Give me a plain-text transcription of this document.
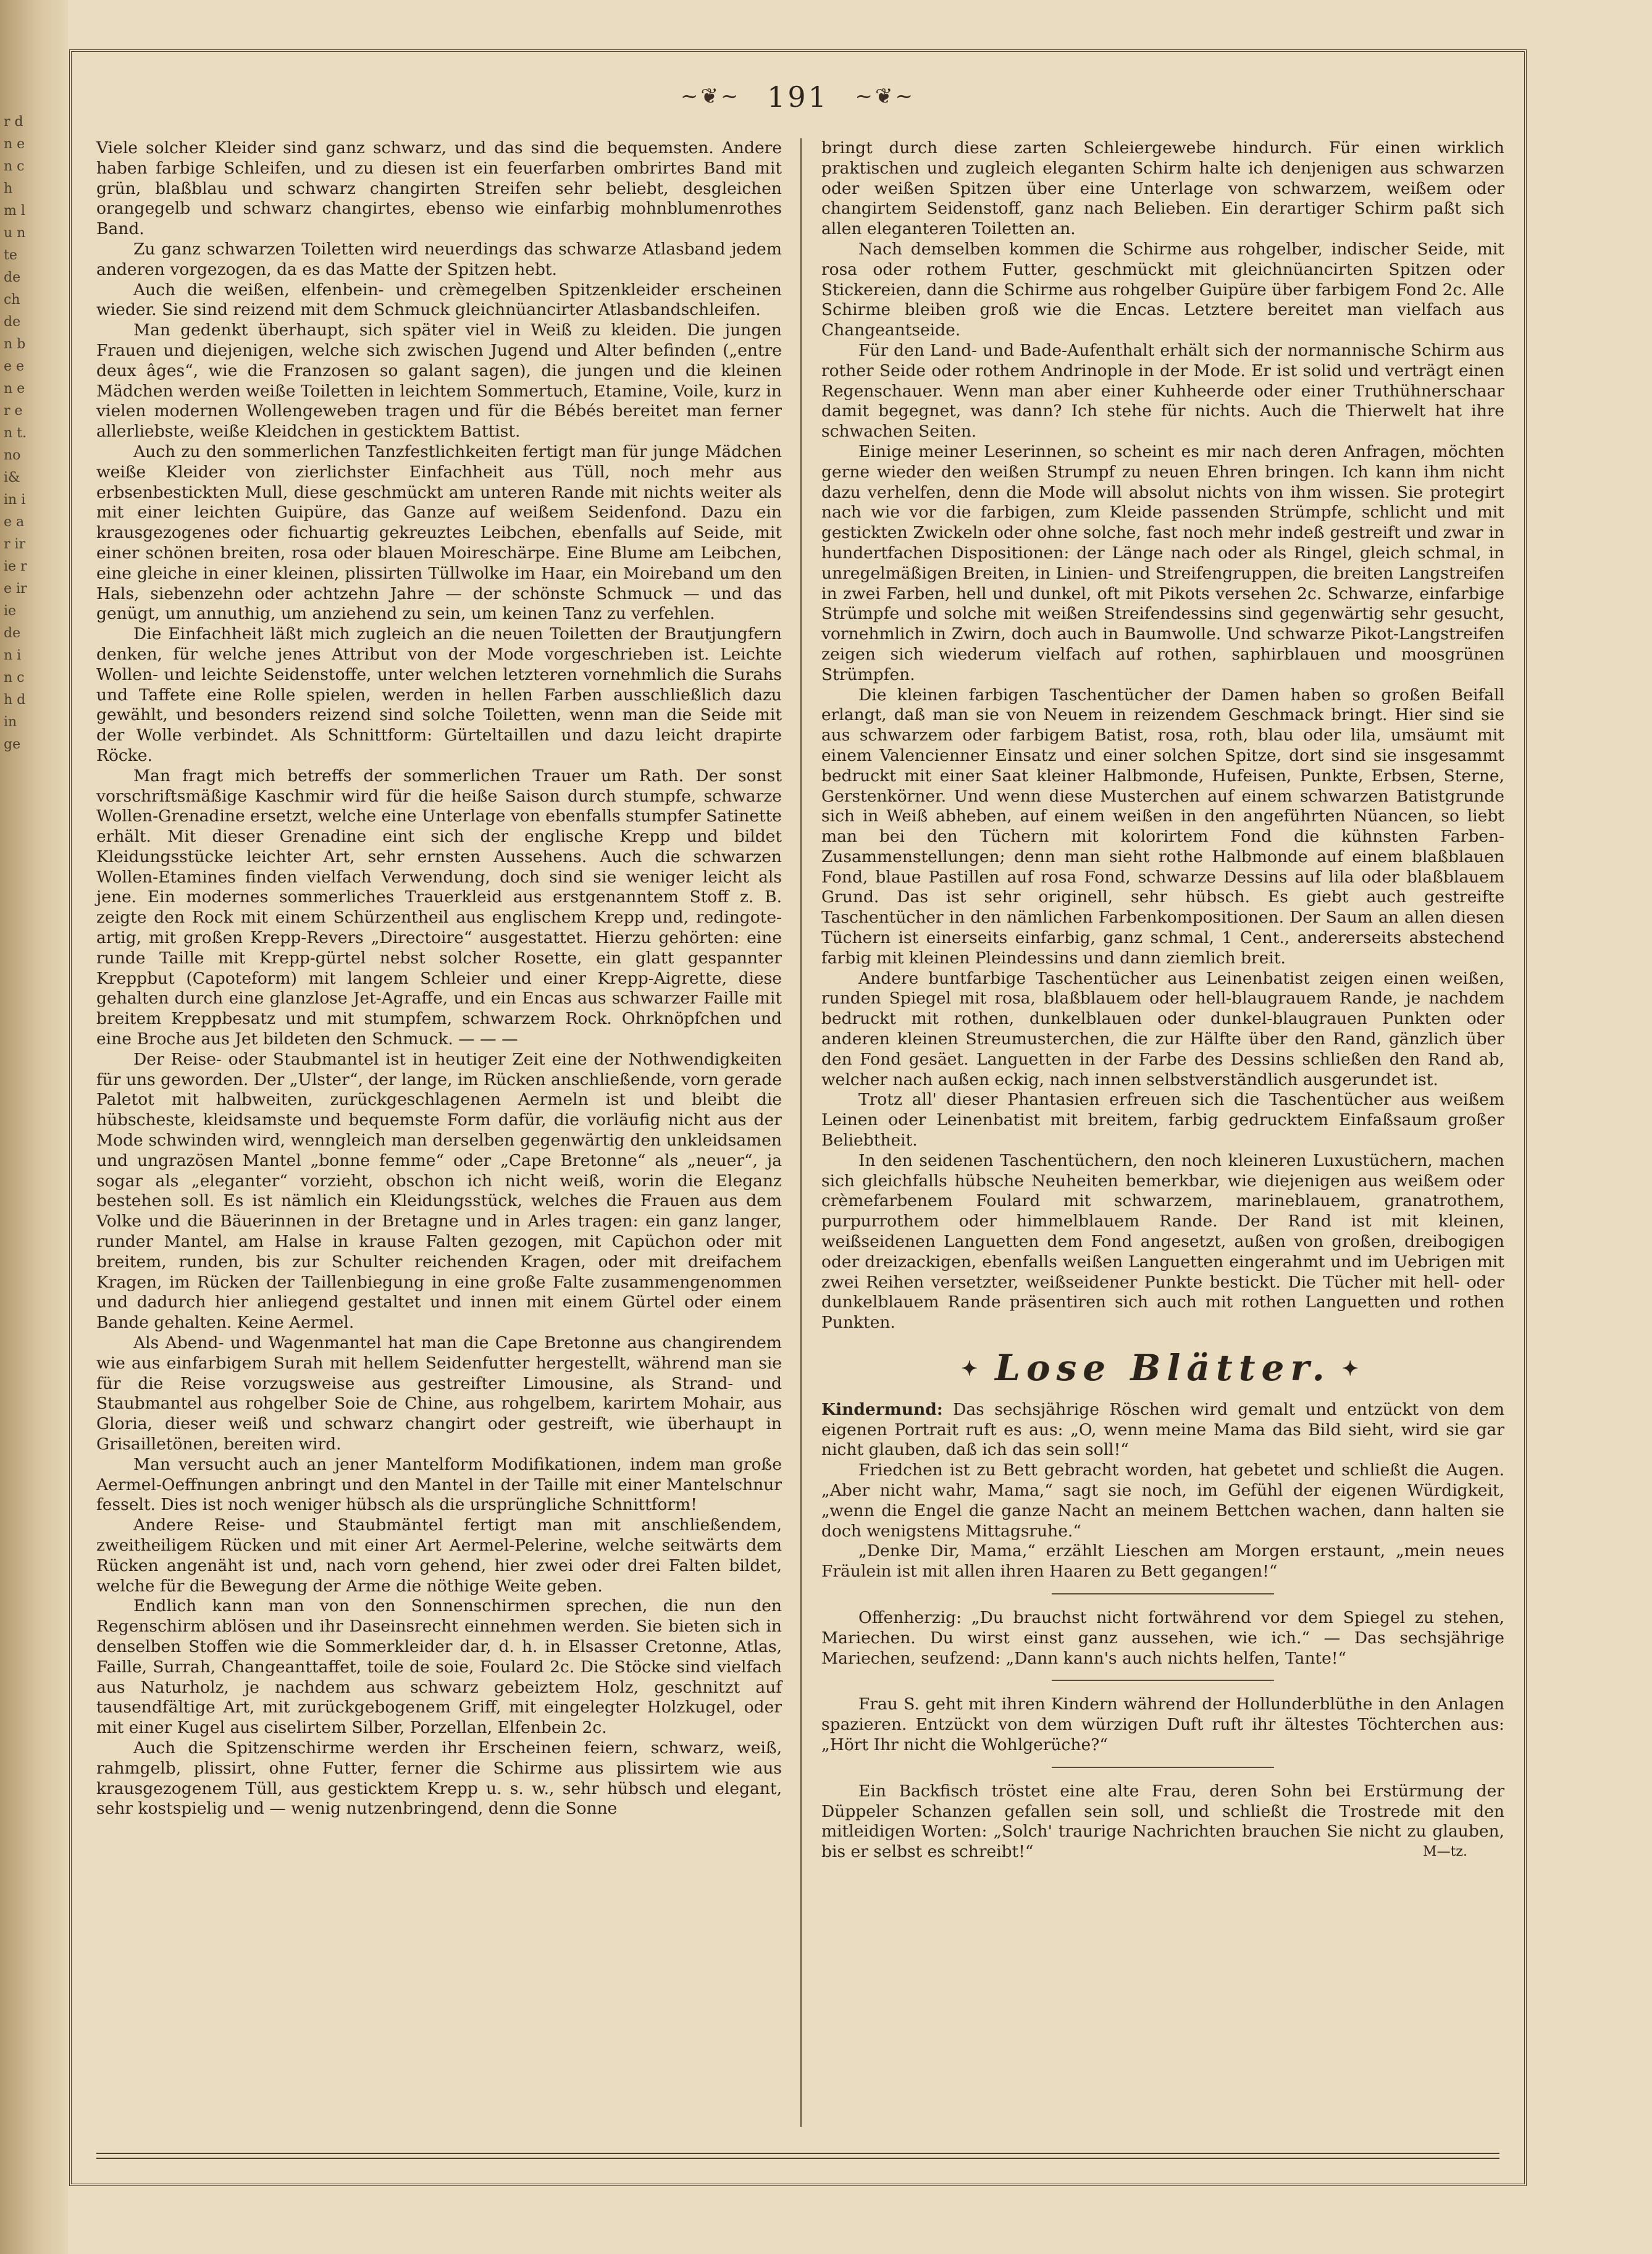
r d n e n ch m lu n te de ch de n be en er en t. no i& in ie ar ir ie re ir ie de n in ch d in ge
~❦~ 191 ~❦~

Viele solcher Kleider sind ganz schwarz, und das sind die bequemsten. Andere haben farbige Schleifen, und zu diesen ist ein feuerfarben ombrirtes Band mit grün, blaßblau und schwarz changirten Streifen sehr beliebt, desgleichen orangegelb und schwarz changirtes, ebenso wie einfarbig mohnblumenrothes Band.

Zu ganz schwarzen Toiletten wird neuerdings das schwarze Atlasband jedem anderen vorgezogen, da es das Matte der Spitzen hebt.

Auch die weißen, elfenbein- und crèmegelben Spitzenkleider erscheinen wieder. Sie sind reizend mit dem Schmuck gleichnüancirter Atlasbandschleifen.

Man gedenkt überhaupt, sich später viel in Weiß zu kleiden. Die jungen Frauen und diejenigen, welche sich zwischen Jugend und Alter befinden („entre deux âges“, wie die Franzosen so galant sagen), die jungen und die kleinen Mädchen werden weiße Toiletten in leichtem Sommertuch, Etamine, Voile, kurz in vielen modernen Wollengeweben tragen und für die Bébés bereitet man ferner allerliebste, weiße Kleidchen in gesticktem Battist.

Auch zu den sommerlichen Tanzfestlichkeiten fertigt man für junge Mädchen weiße Kleider von zierlichster Einfachheit aus Tüll, noch mehr aus erbsenbestickten Mull, diese geschmückt am unteren Rande mit nichts weiter als mit einer leichten Guipüre, das Ganze auf weißem Seidenfond. Dazu ein krausgezogenes oder fichuartig gekreuztes Leibchen, ebenfalls auf Seide, mit einer schönen breiten, rosa oder blauen Moireschärpe. Eine Blume am Leibchen, eine gleiche in einer kleinen, plissirten Tüllwolke im Haar, ein Moireband um den Hals, siebenzehn oder achtzehn Jahre — der schönste Schmuck — und das genügt, um annuthig, um anziehend zu sein, um keinen Tanz zu verfehlen.

Die Einfachheit läßt mich zugleich an die neuen Toiletten der Brautjungfern denken, für welche jenes Attribut von der Mode vorgeschrieben ist. Leichte Wollen- und leichte Seidenstoffe, unter welchen letzteren vornehmlich die Surahs und Taffete eine Rolle spielen, werden in hellen Farben ausschließlich dazu gewählt, und besonders reizend sind solche Toiletten, wenn man die Seide mit der Wolle verbindet. Als Schnittform: Gürteltaillen und dazu leicht drapirte Röcke.

Man fragt mich betreffs der sommerlichen Trauer um Rath. Der sonst vorschriftsmäßige Kaschmir wird für die heiße Saison durch stumpfe, schwarze Wollen-Grenadine ersetzt, welche eine Unterlage von ebenfalls stumpfer Satinette erhält. Mit dieser Grenadine eint sich der englische Krepp und bildet Kleidungsstücke leichter Art, sehr ernsten Aussehens. Auch die schwarzen Wollen-Etamines finden vielfach Verwendung, doch sind sie weniger leicht als jene. Ein modernes sommerliches Trauerkleid aus erstgenanntem Stoff z. B. zeigte den Rock mit einem Schürzentheil aus englischem Krepp und, redingote-artig, mit großen Krepp-Revers „Directoire“ ausgestattet. Hierzu gehörten: eine runde Taille mit Krepp-gürtel nebst solcher Rosette, ein glatt gespannter Kreppbut (Capoteform) mit langem Schleier und einer Krepp-Aigrette, diese gehalten durch eine glanzlose Jet-Agraffe, und ein Encas aus schwarzer Faille mit breitem Kreppbesatz und mit stumpfem, schwarzem Rock. Ohrknöpfchen und eine Broche aus Jet bildeten den Schmuck. — — —

Der Reise- oder Staubmantel ist in heutiger Zeit eine der Nothwendigkeiten für uns geworden. Der „Ulster“, der lange, im Rücken anschließende, vorn gerade Paletot mit halbweiten, zurückgeschlagenen Aermeln ist und bleibt die hübscheste, kleidsamste und bequemste Form dafür, die vorläufig nicht aus der Mode schwinden wird, wenngleich man derselben gegenwärtig den unkleidsamen und ungrazösen Mantel „bonne femme“ oder „Cape Bretonne“ als „neuer“, ja sogar als „eleganter“ vorzieht, obschon ich nicht weiß, worin die Eleganz bestehen soll. Es ist nämlich ein Kleidungsstück, welches die Frauen aus dem Volke und die Bäuerinnen in der Bretagne und in Arles tragen: ein ganz langer, runder Mantel, am Halse in krause Falten gezogen, mit Capüchon oder mit breitem, runden, bis zur Schulter reichenden Kragen, oder mit dreifachem Kragen, im Rücken der Taillenbiegung in eine große Falte zusammengenommen und dadurch hier anliegend gestaltet und innen mit einem Gürtel oder einem Bande gehalten. Keine Aermel.

Als Abend- und Wagenmantel hat man die Cape Bretonne aus changirendem wie aus einfarbigem Surah mit hellem Seidenfutter hergestellt, während man sie für die Reise vorzugsweise aus gestreifter Limousine, als Strand- und Staubmantel aus rohgelber Soie de Chine, aus rohgelbem, karirtem Mohair, aus Gloria, dieser weiß und schwarz changirt oder gestreift, wie überhaupt in Grisailletönen, bereiten wird.

Man versucht auch an jener Mantelform Modifikationen, indem man große Aermel-Oeffnungen anbringt und den Mantel in der Taille mit einer Mantelschnur fesselt. Dies ist noch weniger hübsch als die ursprüngliche Schnittform!

Andere Reise- und Staubmäntel fertigt man mit anschließendem, zweitheiligem Rücken und mit einer Art Aermel-Pelerine, welche seitwärts dem Rücken angenäht ist und, nach vorn gehend, hier zwei oder drei Falten bildet, welche für die Bewegung der Arme die nöthige Weite geben.

Endlich kann man von den Sonnenschirmen sprechen, die nun den Regenschirm ablösen und ihr Daseinsrecht einnehmen werden. Sie bieten sich in denselben Stoffen wie die Sommerkleider dar, d. h. in Elsasser Cretonne, Atlas, Faille, Surrah, Changeanttaffet, toile de soie, Foulard 2c. Die Stöcke sind vielfach aus Naturholz, je nachdem aus schwarz gebeiztem Holz, geschnitzt auf tausendfältige Art, mit zurückgebogenem Griff, mit eingelegter Holzkugel, oder mit einer Kugel aus ciselirtem Silber, Porzellan, Elfenbein 2c.

Auch die Spitzenschirme werden ihr Erscheinen feiern, schwarz, weiß, rahmgelb, plissirt, ohne Futter, ferner die Schirme aus plissirtem wie aus krausgezogenem Tüll, aus gesticktem Krepp u. s. w., sehr hübsch und elegant, sehr kostspielig und — wenig nutzenbringend, denn die Sonne

bringt durch diese zarten Schleiergewebe hindurch. Für einen wirklich praktischen und zugleich eleganten Schirm halte ich denjenigen aus schwarzen oder weißen Spitzen über eine Unterlage von schwarzem, weißem oder changirtem Seidenstoff, ganz nach Belieben. Ein derartiger Schirm paßt sich allen eleganteren Toiletten an.

Nach demselben kommen die Schirme aus rohgelber, indischer Seide, mit rosa oder rothem Futter, geschmückt mit gleichnüancirten Spitzen oder Stickereien, dann die Schirme aus rohgelber Guipüre über farbigem Fond 2c. Alle Schirme bleiben groß wie die Encas. Letztere bereitet man vielfach aus Changeantseide.

Für den Land- und Bade-Aufenthalt erhält sich der normannische Schirm aus rother Seide oder rothem Andrinople in der Mode. Er ist solid und verträgt einen Regenschauer. Wenn man aber einer Kuhheerde oder einer Truthühnerschaar damit begegnet, was dann? Ich stehe für nichts. Auch die Thierwelt hat ihre schwachen Seiten.

Einige meiner Leserinnen, so scheint es mir nach deren Anfragen, möchten gerne wieder den weißen Strumpf zu neuen Ehren bringen. Ich kann ihm nicht dazu verhelfen, denn die Mode will absolut nichts von ihm wissen. Sie protegirt nach wie vor die farbigen, zum Kleide passenden Strümpfe, schlicht und mit gestickten Zwickeln oder ohne solche, fast noch mehr indeß gestreift und zwar in hundertfachen Dispositionen: der Länge nach oder als Ringel, gleich schmal, in unregelmäßigen Breiten, in Linien- und Streifengruppen, die breiten Langstreifen in zwei Farben, hell und dunkel, oft mit Pikots versehen 2c. Schwarze, einfarbige Strümpfe und solche mit weißen Streifendessins sind gegenwärtig sehr gesucht, vornehmlich in Zwirn, doch auch in Baumwolle. Und schwarze Pikot-Langstreifen zeigen sich wiederum vielfach auf rothen, saphirblauen und moosgrünen Strümpfen.

Die kleinen farbigen Taschentücher der Damen haben so großen Beifall erlangt, daß man sie von Neuem in reizendem Geschmack bringt. Hier sind sie aus schwarzem oder farbigem Batist, rosa, roth, blau oder lila, umsäumt mit einem Valencienner Einsatz und einer solchen Spitze, dort sind sie insgesammt bedruckt mit einer Saat kleiner Halbmonde, Hufeisen, Punkte, Erbsen, Sterne, Gerstenkörner. Und wenn diese Musterchen auf einem schwarzen Batistgrunde sich in Weiß abheben, auf einem weißen in den angeführten Nüancen, so liebt man bei den Tüchern mit kolorirtem Fond die kühnsten Farben-Zusammenstellungen; denn man sieht rothe Halbmonde auf einem blaßblauen Fond, blaue Pastillen auf rosa Fond, schwarze Dessins auf lila oder blaßblauem Grund. Das ist sehr originell, sehr hübsch. Es giebt auch gestreifte Taschentücher in den nämlichen Farbenkompositionen. Der Saum an allen diesen Tüchern ist einerseits einfarbig, ganz schmal, 1 Cent., andererseits abstechend farbig mit kleinen Pleindessins und dann ziemlich breit.

Andere buntfarbige Taschentücher aus Leinenbatist zeigen einen weißen, runden Spiegel mit rosa, blaßblauem oder hell-blaugrauem Rande, je nachdem bedruckt mit rothen, dunkelblauen oder dunkel-blaugrauen Punkten oder anderen kleinen Streumusterchen, die zur Hälfte über den Rand, gänzlich über den Fond gesäet. Languetten in der Farbe des Dessins schließen den Rand ab, welcher nach außen eckig, nach innen selbstverständlich ausgerundet ist.

Trotz all' dieser Phantasien erfreuen sich die Taschentücher aus weißem Leinen oder Leinenbatist mit breitem, farbig gedrucktem Einfaßsaum großer Beliebtheit.

In den seidenen Taschentüchern, den noch kleineren Luxustüchern, machen sich gleichfalls hübsche Neuheiten bemerkbar, wie diejenigen aus weißem oder crèmefarbenem Foulard mit schwarzem, marineblauem, granatrothem, purpurrothem oder himmelblauem Rande. Der Rand ist mit kleinen, weißseidenen Languetten dem Fond angesetzt, außen von großen, dreibogigen oder dreizackigen, ebenfalls weißen Languetten eingerahmt und im Uebrigen mit zwei Reihen versetzter, weißseidener Punkte bestickt. Die Tücher mit hell- oder dunkelblauem Rande präsentiren sich auch mit rothen Languetten und rothen Punkten.

✦ Lose Blätter. ✦

Kindermund: Das sechsjährige Röschen wird gemalt und entzückt von dem eigenen Portrait ruft es aus: „O, wenn meine Mama das Bild sieht, wird sie gar nicht glauben, daß ich das sein soll!“

Friedchen ist zu Bett gebracht worden, hat gebetet und schließt die Augen. „Aber nicht wahr, Mama,“ sagt sie noch, im Gefühl der eigenen Würdigkeit, „wenn die Engel die ganze Nacht an meinem Bettchen wachen, dann halten sie doch wenigstens Mittagsruhe.“

„Denke Dir, Mama,“ erzählt Lieschen am Morgen erstaunt, „mein neues Fräulein ist mit allen ihren Haaren zu Bett gegangen!“

Offenherzig: „Du brauchst nicht fortwährend vor dem Spiegel zu stehen, Mariechen. Du wirst einst ganz aussehen, wie ich.“ — Das sechsjährige Mariechen, seufzend: „Dann kann's auch nichts helfen, Tante!“

Frau S. geht mit ihren Kindern während der Hollunderblüthe in den Anlagen spazieren. Entzückt von dem würzigen Duft ruft ihr ältestes Töchterchen aus: „Hört Ihr nicht die Wohlgerüche?“

Ein Backfisch tröstet eine alte Frau, deren Sohn bei Erstürmung der Düppeler Schanzen gefallen sein soll, und schließt die Trostrede mit den mitleidigen Worten: „Solch' traurige Nachrichten brauchen Sie nicht zu glauben, bis er selbst es schreibt!“	M—tz.
